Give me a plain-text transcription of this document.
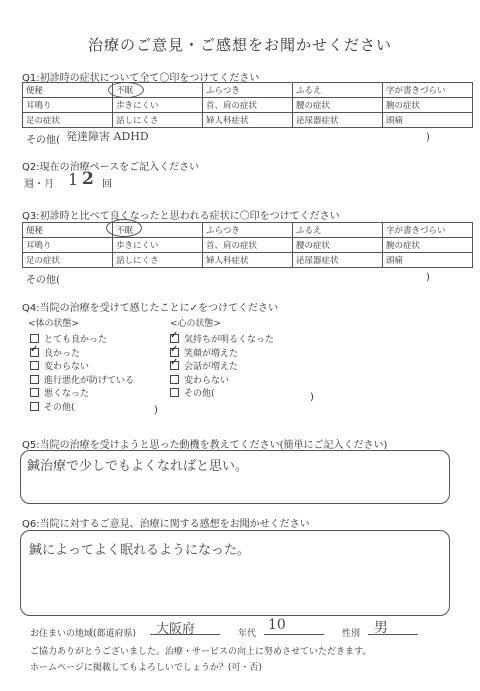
治療のご意見・ご感想をお聞かせください
Q1:初診時の症状について全て〇印をつけてください
便秘	不眠	ふらつき	ふるえ	字が書きづらい
耳鳴り	歩きにくい	首、肩の症状	腰の症状	腕の症状
足の症状	話しにくさ	婦人科症状	泌尿器症状	頭痛
その他( 発達障害 ADHD	)
Q2:現在の治療ペースをご記入ください
週・月 1 2 回
Q3:初診時と比べて良くなったと思われる症状に〇印をつけてください
便秘	不眠	ふらつき	ふるえ	字が書きづらい
耳鳴り	歩きにくい	首、肩の症状	腰の症状	腕の症状
足の症状	話しにくさ	婦人科症状	泌尿器症状	頭痛
その他(	)
Q4:当院の治療を受けて感じたことに✓をつけてください
<体の状態>	<心の状態>
とても良かった
✓良かった
変わらない
進行悪化が防げている
悪くなった
その他(
✓気持ちが明るくなった
✓笑顔が増えた
✓会話が増えた
変わらない
その他(
)
)
Q5:当院の治療を受けようと思った動機を教えてください(簡単にご記入ください)
鍼治療で少しでもよくなればと思い。
Q6:当院に対するご意見、治療に関する感想をお聞かせください
鍼によってよく眠れるようになった。
お住まいの地域(都道府県) 大阪府	年代
10
性別 男
ご協力ありがとうございました。治療・サービスの向上に努めさせていただきます。
ホームページに掲載してもよろしいでしょうか？(可・否)
